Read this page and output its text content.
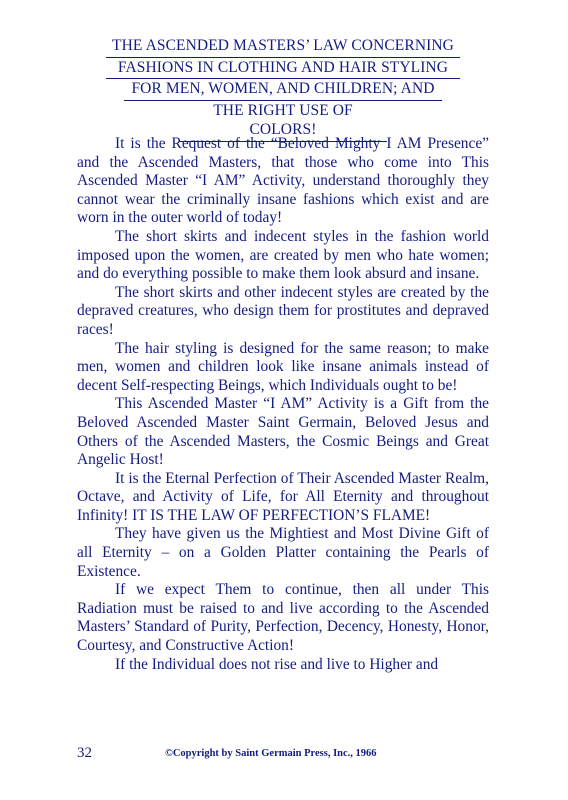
THE ASCENDED MASTERS’ LAW CONCERNING
FASHIONS IN CLOTHING AND HAIR STYLING
FOR MEN, WOMEN, AND CHILDREN; AND
THE RIGHT USE OF COLORS!

It is the Request of the “Beloved Mighty I AM Presence” and the Ascended Masters, that those who come into This Ascended Master “I AM” Activity, understand thoroughly they cannot wear the criminally insane fashions which exist and are worn in the outer world of today!

The short skirts and indecent styles in the fashion world imposed upon the women, are created by men who hate women; and do everything possible to make them look absurd and insane.

The short skirts and other indecent styles are created by the depraved creatures, who design them for prostitutes and depraved races!

The hair styling is designed for the same reason; to make men, women and children look like insane animals instead of decent Self-respecting Beings, which Individuals ought to be!

This Ascended Master “I AM” Activity is a Gift from the Beloved Ascended Master Saint Germain, Beloved Jesus and Others of the Ascended Masters, the Cosmic Beings and Great Angelic Host!

It is the Eternal Perfection of Their Ascended Master Realm, Octave, and Activity of Life, for All Eternity and throughout Infinity! IT IS THE LAW OF PERFECTION’S FLAME!

They have given us the Mightiest and Most Divine Gift of all Eternity – on a Golden Platter containing the Pearls of Existence.

If we expect Them to continue, then all under This Radiation must be raised to and live according to the Ascended Masters’ Standard of Purity, Perfection, Decency, Honesty, Honor, Courtesy, and Constructive Action!

If the Individual does not rise and live to Higher and

32	©Copyright by Saint Germain Press, Inc., 1966
